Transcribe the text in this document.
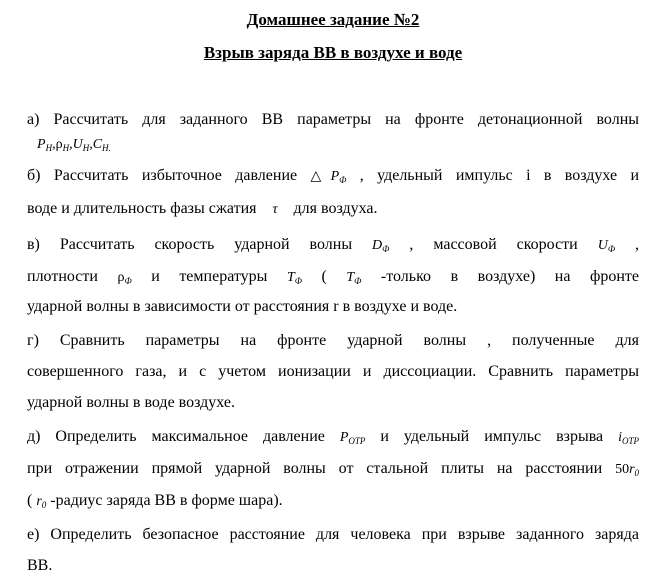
Домашнее задание №2
Взрыв заряда ВВ в воздухе и воде
а) Рассчитать для заданного ВВ параметры на фронте детонационной волны
$P_H,\rho_H,U_H,C_{H.}$
б) Рассчитать избыточное давление $\triangle P_Ф$ , удельный импульс i в воздухе и
воде и длительность фазы сжатия τ для воздуха.
в) Рассчитать скорость ударной волны $D_Ф$ , массовой скорости $U_Ф$ ,
плотности $\rho_Ф$ и температуры $T_Ф$ ( $T_Ф$ -только в воздухе) на фронте
ударной волны в зависимости от расстояния r в воздухе и воде.
г) Сравнить параметры на фронте ударной волны , полученные для
совершенного газа, и с учетом ионизации и диссоциации. Сравнить параметры
ударной волны в воде воздухе.
д) Определить максимальное давление $P_{ОТР}$ и удельный импульс взрыва $i_{ОТР}$
при отражении прямой ударной волны от стальной плиты на расстоянии $50r_0$
( $r_0$ -радиус заряда ВВ в форме шара).
е) Определить безопасное расстояние для человека при взрыве заданного заряда
ВВ.
